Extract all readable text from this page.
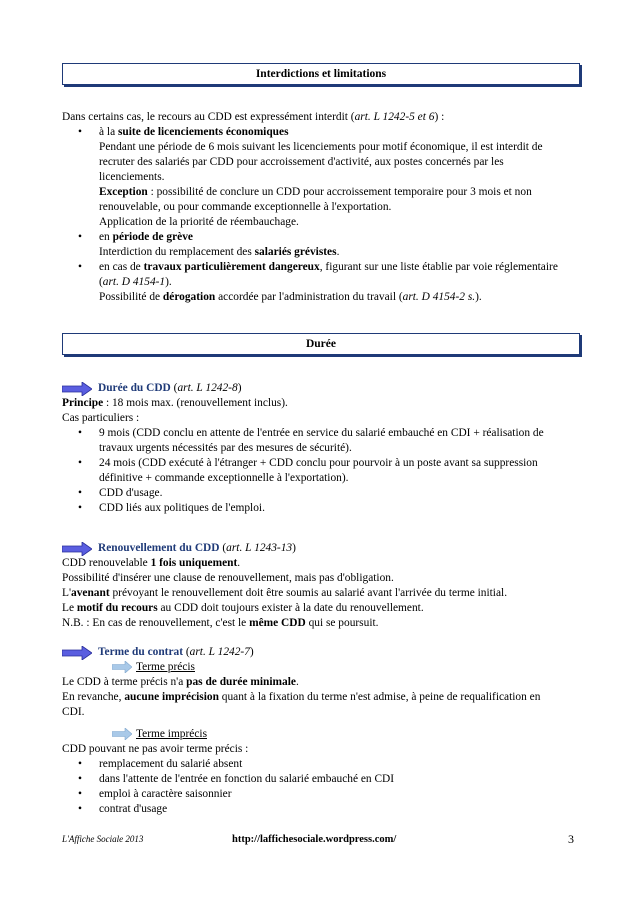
Interdictions et limitations
Dans certains cas, le recours au CDD est expressément interdit (art. L 1242-5 et 6) :
• à la suite de licenciements économiques
Pendant une période de 6 mois suivant les licenciements pour motif économique, il est interdit de
recruter des salariés par CDD pour accroissement d'activité, aux postes concernés par les
licenciements.
Exception : possibilité de conclure un CDD pour accroissement temporaire pour 3 mois et non
renouvelable, ou pour commande exceptionnelle à l'exportation.
Application de la priorité de réembauchage.
• en période de grève
Interdiction du remplacement des salariés grévistes.
• en cas de travaux particulièrement dangereux, figurant sur une liste établie par voie réglementaire
(art. D 4154-1).
Possibilité de dérogation accordée par l'administration du travail (art. D 4154-2 s.).
Durée
Durée du CDD (art. L 1242-8)
Principe : 18 mois max. (renouvellement inclus).
Cas particuliers :
• 9 mois (CDD conclu en attente de l'entrée en service du salarié embauché en CDI + réalisation de
travaux urgents nécessités par des mesures de sécurité).
• 24 mois (CDD exécuté à l'étranger + CDD conclu pour pourvoir à un poste avant sa suppression
définitive + commande exceptionnelle à l'exportation).
• CDD d'usage.
• CDD liés aux politiques de l'emploi.
Renouvellement du CDD (art. L 1243-13)
CDD renouvelable 1 fois uniquement.
Possibilité d'insérer une clause de renouvellement, mais pas d'obligation.
L'avenant prévoyant le renouvellement doit être soumis au salarié avant l'arrivée du terme initial.
Le motif du recours au CDD doit toujours exister à la date du renouvellement.
N.B. : En cas de renouvellement, c'est le même CDD qui se poursuit.
Terme du contrat (art. L 1242-7)
Terme précis
Le CDD à terme précis n'a pas de durée minimale.
En revanche, aucune imprécision quant à la fixation du terme n'est admise, à peine de requalification en
CDI.
Terme imprécis
CDD pouvant ne pas avoir terme précis :
• remplacement du salarié absent
• dans l'attente de l'entrée en fonction du salarié embauché en CDI
• emploi à caractère saisonnier
• contrat d'usage
L'Affiche Sociale 2013	http://laffichesociale.wordpress.com/	3
